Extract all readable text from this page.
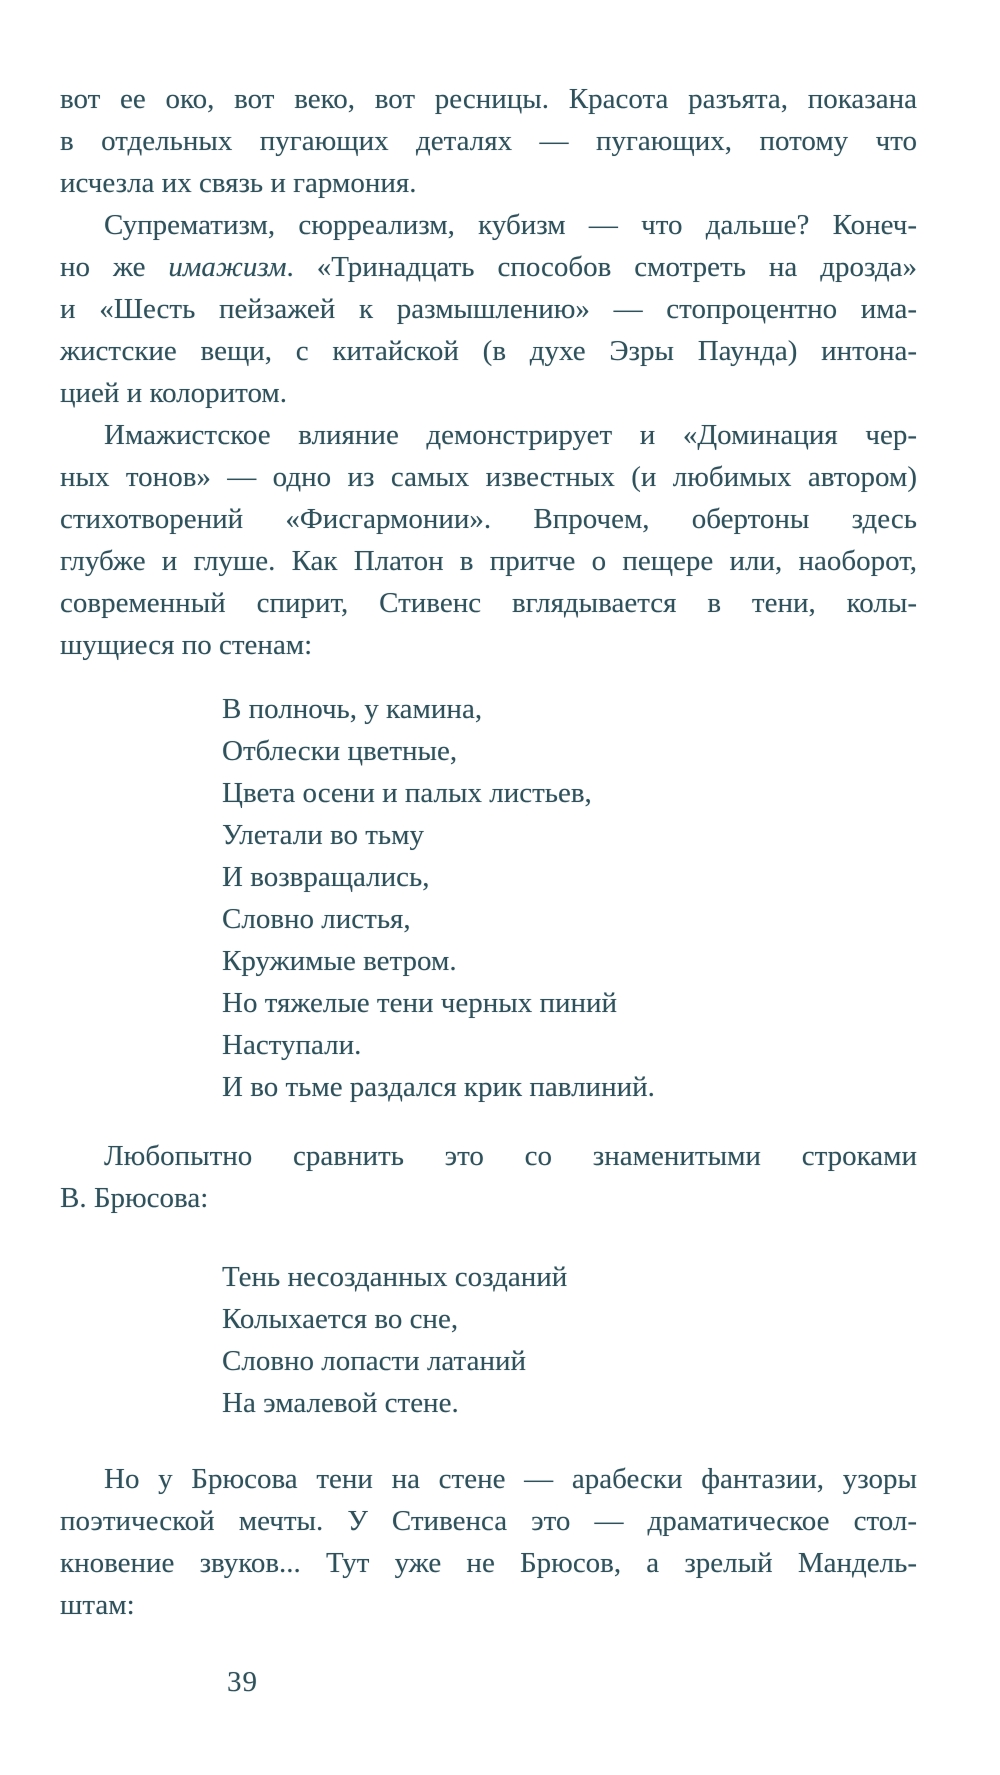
вот ее око, вот веко, вот ресницы. Красота разъята, показана
в отдельных пугающих деталях — пугающих, потому что
исчезла их связь и гармония.

Супрематизм, сюрреализм, кубизм — что дальше? Конеч-
но же имажизм. «Тринадцать способов смотреть на дрозда»
и «Шесть пейзажей к размышлению» — стопроцентно има-
жистские вещи, с китайской (в духе Эзры Паунда) интона-
цией и колоритом.

Имажистское влияние демонстрирует и «Доминация чер-
ных тонов» — одно из самых известных (и любимых автором)
стихотворений «Фисгармонии». Впрочем, обертоны здесь
глубже и глуше. Как Платон в притче о пещере или, наоборот,
современный спирит, Стивенс вглядывается в тени, колы-
шущиеся по стенам:

В полночь, у камина,
Отблески цветные,
Цвета осени и палых листьев,
Улетали во тьму
И возвращались,
Словно листья,
Кружимые ветром.
Но тяжелые тени черных пиний
Наступали.
И во тьме раздался крик павлиний.

Любопытно сравнить это со знаменитыми строками
В. Брюсова:

Тень несозданных созданий
Колыхается во сне,
Словно лопасти латаний
На эмалевой стене.

Но у Брюсова тени на стене — арабески фантазии, узоры
поэтической мечты. У Стивенса это — драматическое стол-
кновение звуков... Тут уже не Брюсов, а зрелый Мандель-
штам:

39
